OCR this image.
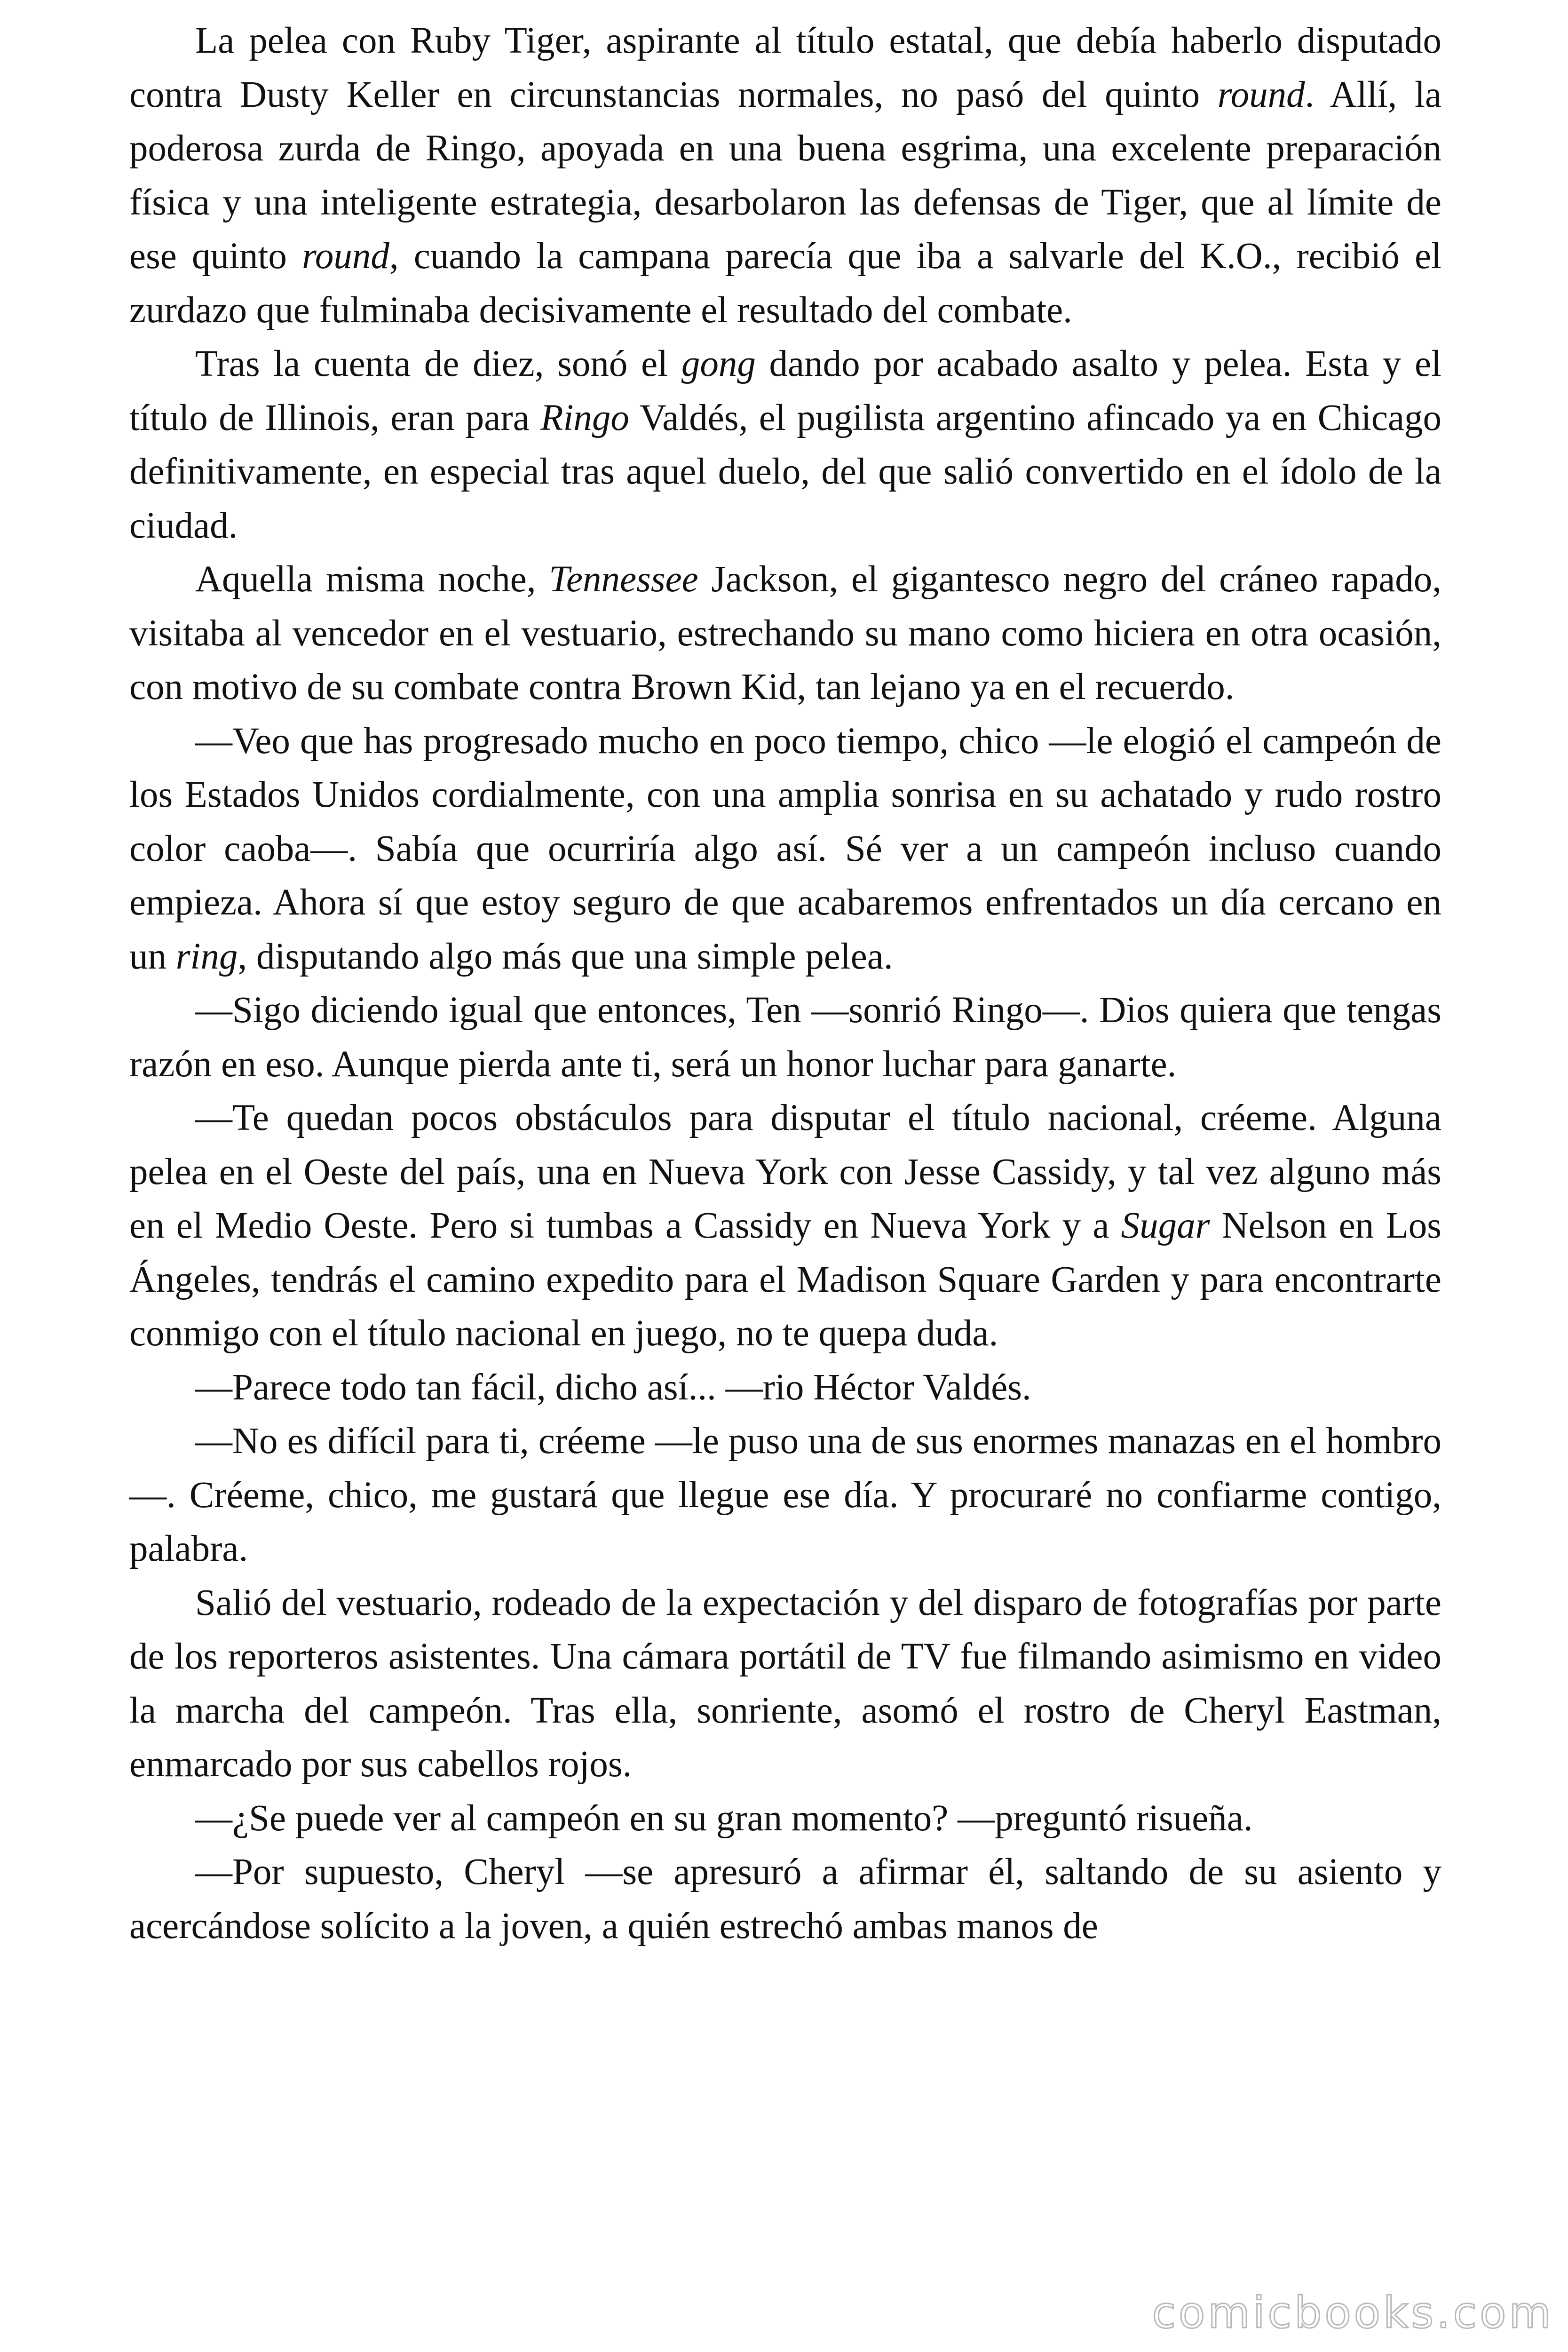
La pelea con Ruby Tiger, aspirante al título estatal, que debía haberlo disputado contra Dusty Keller en circunstancias normales, no pasó del quinto round. Allí, la poderosa zurda de Ringo, apoyada en una buena esgrima, una excelente preparación física y una inteligente estrategia, desarbolaron las defensas de Tiger, que al límite de ese quinto round, cuando la campana parecía que iba a salvarle del K.O., recibió el zurdazo que fulminaba decisivamente el resultado del combate.

Tras la cuenta de diez, sonó el gong dando por acabado asalto y pelea. Esta y el título de Illinois, eran para Ringo Valdés, el pugilista argentino afincado ya en Chicago definitivamente, en especial tras aquel duelo, del que salió convertido en el ídolo de la ciudad.

Aquella misma noche, Tennessee Jackson, el gigantesco negro del cráneo rapado, visitaba al vencedor en el vestuario, estrechando su mano como hiciera en otra ocasión, con motivo de su combate contra Brown Kid, tan lejano ya en el recuerdo.

—Veo que has progresado mucho en poco tiempo, chico —le elogió el campeón de los Estados Unidos cordialmente, con una amplia sonrisa en su achatado y rudo rostro color caoba—. Sabía que ocurriría algo así. Sé ver a un campeón incluso cuando empieza. Ahora sí que estoy seguro de que acabaremos enfrentados un día cercano en un ring, disputando algo más que una simple pelea.

—Sigo diciendo igual que entonces, Ten —sonrió Ringo—. Dios quiera que tengas razón en eso. Aunque pierda ante ti, será un honor luchar para ganarte.

—Te quedan pocos obstáculos para disputar el título nacional, créeme. Alguna pelea en el Oeste del país, una en Nueva York con Jesse Cassidy, y tal vez alguno más en el Medio Oeste. Pero si tumbas a Cassidy en Nueva York y a Sugar Nelson en Los Ángeles, tendrás el camino expedito para el Madison Square Garden y para encontrarte conmigo con el título nacional en juego, no te quepa duda.

—Parece todo tan fácil, dicho así... —rio Héctor Valdés.

—No es difícil para ti, créeme —le puso una de sus enormes manazas en el hombro—. Créeme, chico, me gustará que llegue ese día. Y procuraré no confiarme contigo, palabra.

Salió del vestuario, rodeado de la expectación y del disparo de fotografías por parte de los reporteros asistentes. Una cámara portátil de TV fue filmando asimismo en video la marcha del campeón. Tras ella, sonriente, asomó el rostro de Cheryl Eastman, enmarcado por sus cabellos rojos.

—¿Se puede ver al campeón en su gran momento? —preguntó risueña.

—Por supuesto, Cheryl —se apresuró a afirmar él, saltando de su asiento y acercándose solícito a la joven, a quién estrechó ambas manos de

comicbooks.com
